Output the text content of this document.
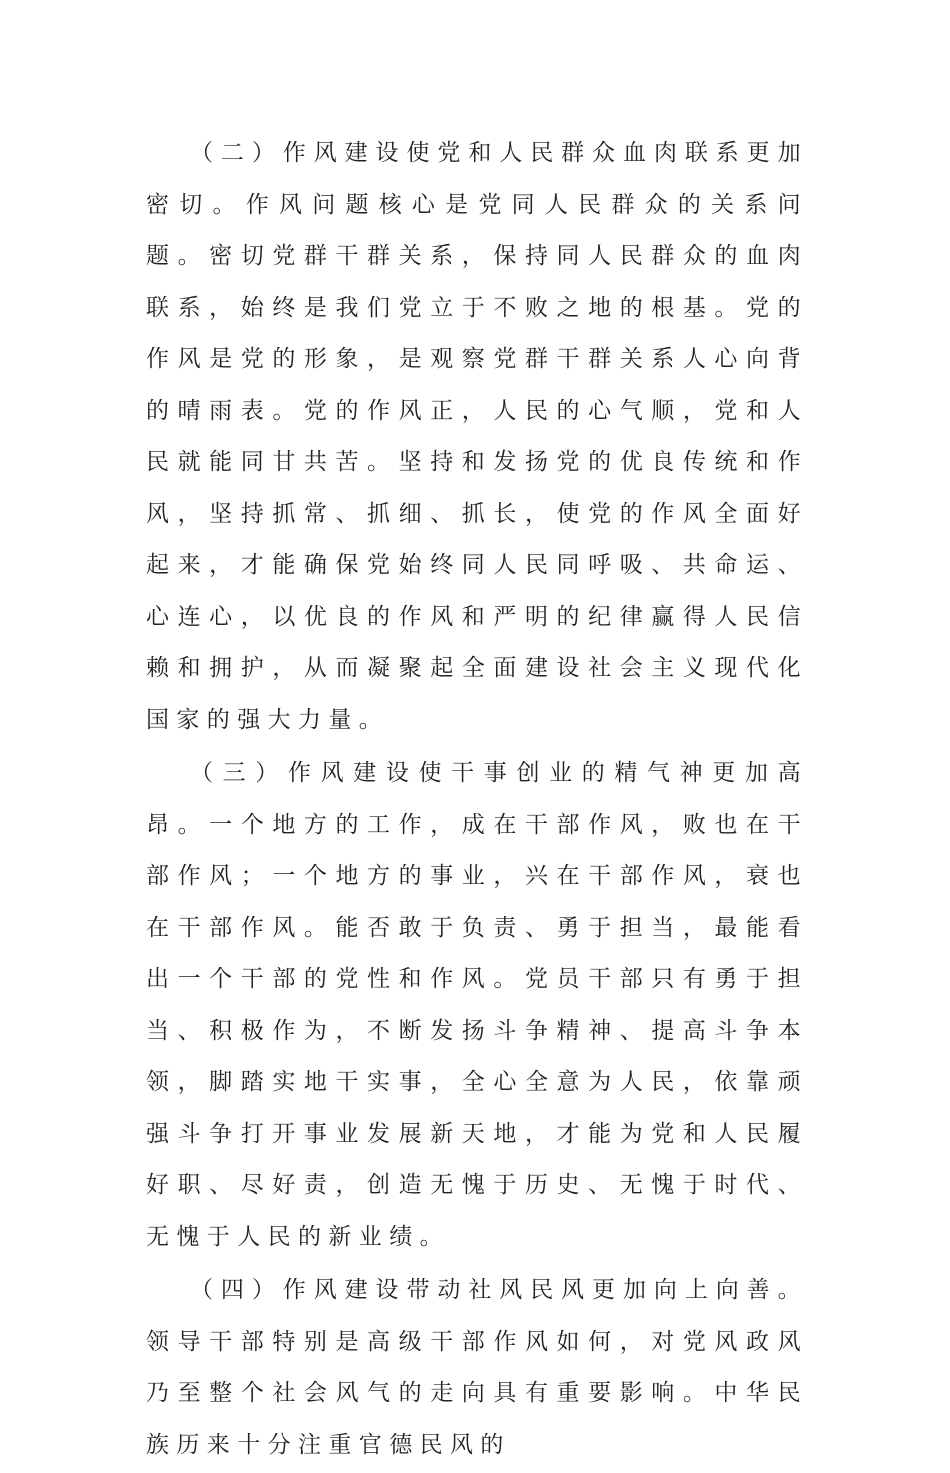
（二）作风建设使党和人民群众血肉联系更加密切。作风问题核心是党同人民群众的关系问题。密切党群干群关系，保持同人民群众的血肉联系，始终是我们党立于不败之地的根基。党的作风是党的形象，是观察党群干群关系人心向背的晴雨表。党的作风正，人民的心气顺，党和人民就能同甘共苦。坚持和发扬党的优良传统和作风，坚持抓常、抓细、抓长，使党的作风全面好起来，才能确保党始终同人民同呼吸、共命运、心连心，以优良的作风和严明的纪律赢得人民信赖和拥护，从而凝聚起全面建设社会主义现代化国家的强大力量。

（三）作风建设使干事创业的精气神更加高昂。一个地方的工作，成在干部作风，败也在干部作风；一个地方的事业，兴在干部作风，衰也在干部作风。能否敢于负责、勇于担当，最能看出一个干部的党性和作风。党员干部只有勇于担当、积极作为，不断发扬斗争精神、提高斗争本领，脚踏实地干实事，全心全意为人民，依靠顽强斗争打开事业发展新天地，才能为党和人民履好职、尽好责，创造无愧于历史、无愧于时代、无愧于人民的新业绩。

（四）作风建设带动社风民风更加向上向善。领导干部特别是高级干部作风如何，对党风政风乃至整个社会风气的走向具有重要影响。中华民族历来十分注重官德民风的
